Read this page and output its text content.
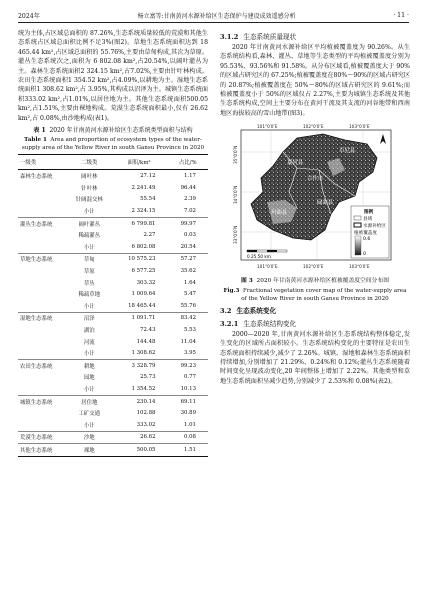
2024年	杨立富等:甘南黄河水源补给区生态保护与建设成效遥感分析	· 11 ·

统为主体,占区域总面积的 87.26%,生态系统质量较低的荒漠和其他生态系统占区域总面积比例不足3%(图2)。草地生态系统面积达到 18 465.44 km²,占区域总面积的 55.76%,主要由草甸构成,其次为草原。灌丛生态系统次之,面积为 6 802.08 km²,占20.54%,以阔叶灌丛为主。森林生态系统面积2 324.15 km²,占7.02%,主要由针叶林构成。农田生态系统面积1 354.52 km²,占4.09%,以耕地为主。湿地生态系统面积1 308.62 km²,占 3.95%,其构成以沼泽为主。城镇生态系统面积333.02 km²,占1.01%,以居住地为主。其他生态系统面积500.05 km²,占1.51%,主要由裸地构成。荒漠生态系统面积最小,仅有 26.62 km²,占 0.08%,由沙地构成(表1)。

表 1 2020 年甘南黄河水源补给区生态系统类型面积与结构

Table 1 Area and proportion of ecosystem types of the water-supply area of the Yellow River in south Gansu Province in 2020

一级类	二级类	面积/km²	占比/%
森林生态系统	阔叶林	27.12	1.17
	针叶林	2 241.49	96.44
	针阔混交林	55.54	2.39
	小计	2 324.15	7.02
灌丛生态系统	阔叶灌丛	6 799.81	99.97
	稀疏灌丛	2.27	0.03
	小计	6 802.08	20.54
草地生态系统	草甸	10 575.23	57.27
	草原	6 577.25	35.62
	草丛	303.32	1.64
	稀疏草地	1 009.64	5.47
	小计	18 465.44	55.76
湿地生态系统	沼泽	1 091.71	83.42
	湖泊	72.43	5.53
	河流	144.48	11.04
	小计	1 308.62	3.95
农田生态系统	耕地	3 328.79	99.23
	园地	25.73	0.77
	小计	1 354.52	10.13
城镇生态系统	居住地	230.14	69.11
	工矿交通	102.88	30.89
	小计	333.02	1.01
荒漠生态系统	沙地	26.62	0.08
其他生态系统	裸地	500.05	1.51
3.1.2 生态系统质量现状

2020 年甘南黄河水源补给区平均植被覆盖度为 90.26%。从生态系统结构看,森林、灌丛、草地等生态类型的平均植被覆盖度分别为 95.53%、93.56%和 91.58%。从分布区域看,植被覆盖度大于 90%的区域占研究区的 67.25%;植被覆盖度在80%～90%的区域占研究区的 20.87%;植被覆盖度在 50%～80%的区域占研究区的 9.61%;而植被覆盖度小于 50%的区域仅占 2.27%,主要为城镇生态系统及其他生态系统构成,空间上主要分布在黄河干流及其支流的河谷地带和西南地区海拔较高的雪山地带(图3)。

卓尼县
合作市
夏河县
碌曲县
玛曲县
101°0′0″E	102°0′0″E	103°0′0″E
101°0′0″E	102°0′0″E	103°0′0″E
35°0′0″N
34°0′0″N
33°0′0″N
0 25 50 km
图例
县域
水源补给区
植被覆盖度
0.6
0

图 3 2020 年甘南黄河水源补给区植被覆盖度空间分布图

Fig.3 Fractional vegetation cover map of the water-supply area of the Yellow River in south Gansu Province in 2020

3.2 生态系统变化
3.2.1 生态系统结构变化

2000—2020 年,甘南黄河水源补给区生态系统结构整体稳定,发生变化的区域所占面积较小。生态系统结构变化的主要特征是农田生态系统面积持续减少,减少了 2.26%。城镇、湿地和森林生态系统面积持续增加,分别增加了 21.29%、0.24%和 0.12%;灌丛生态系统随着时间变化呈现波动变化,20 年间整体上增加了 2.22%。其他类型和草地生态系统面积呈减少趋势,分别减少了 2.53%和 0.08%(表2)。
